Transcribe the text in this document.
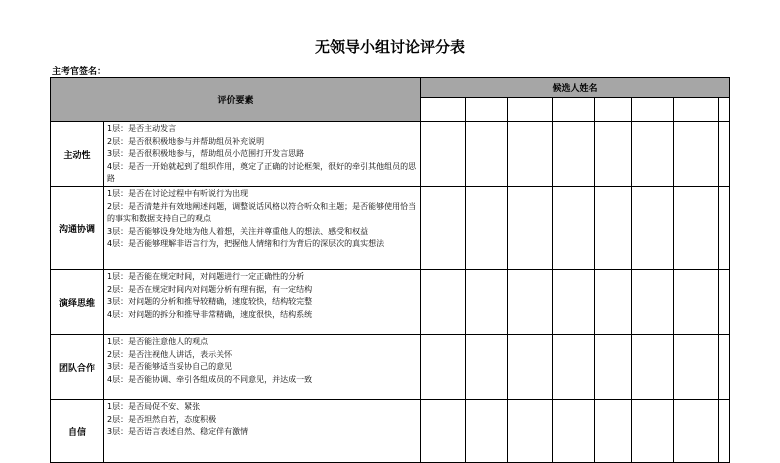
无领导小组讨论评分表
主考官签名：
评价要素		候选人姓名							

主动性	1层：是否主动发言
2层：是否很积极地参与并帮助组员补充说明
3层：是否很积极地参与，帮助组员小范围打开发言思路
4层：是否一开始就起到了组织作用，奠定了正确的讨论框架，很好的牵引其他组员的思路								

沟通协调	1层：是否在讨论过程中有听说行为出现
2层：是否清楚并有效地阐述问题，调整说话风格以符合听众和主题；是否能够使用恰当的事实和数据支持自己的观点
3层：是否能够设身处地为他人着想，关注并尊重他人的想法、感受和权益
4层：是否能够理解非语言行为，把握他人情绪和行为背后的深层次的真实想法								

演绎思维	1层：是否能在规定时间，对问题进行一定正确性的分析
2层：是否在规定时间内对问题分析有理有据，有一定结构
3层：对问题的分析和推导较精确，速度较快，结构较完整
4层：对问题的拆分和推导非常精确，速度很快，结构系统								

团队合作	1层：是否能注意他人的观点
2层：是否注视他人讲话，表示关怀
3层：是否能够适当妥协自己的意见
4层：是否能协调、牵引各组成员的不同意见，并达成一致								

自信	1层：是否局促不安、紧张
2层：是否坦然自若，态度积极
3层：是否语言表述自然、稳定伴有激情								
